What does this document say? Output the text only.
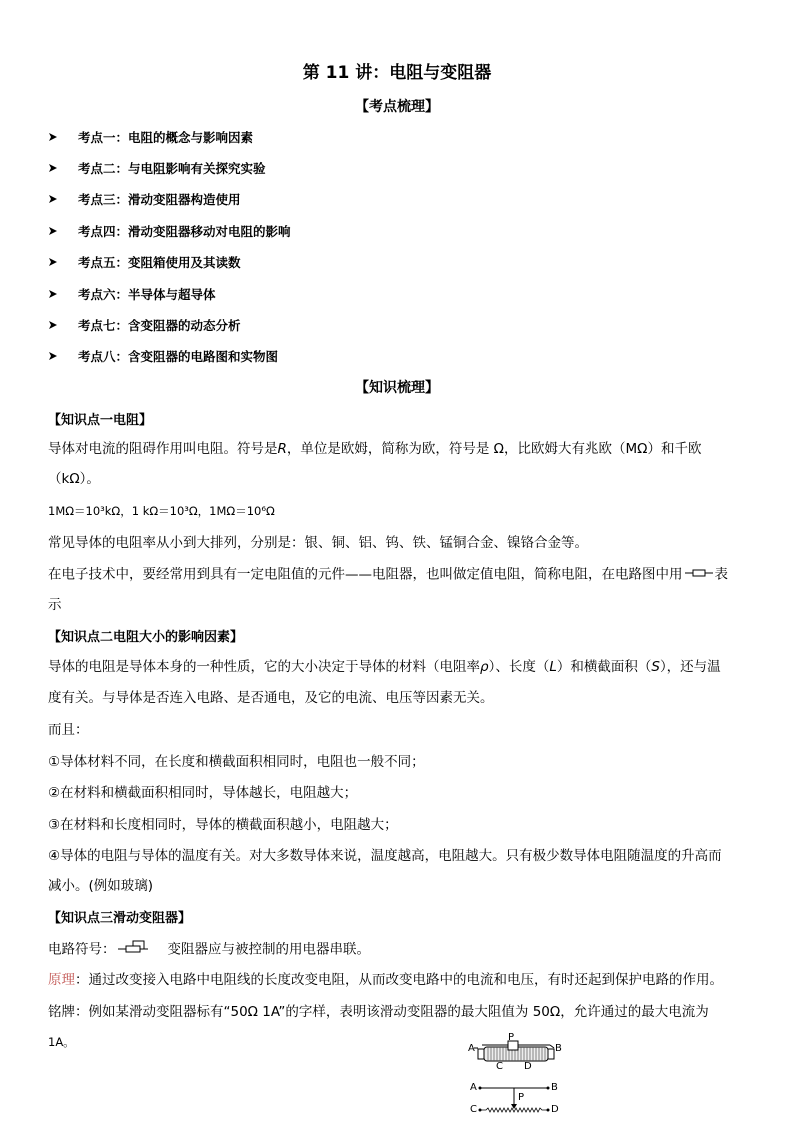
第 11 讲：电阻与变阻器
【考点梳理】
考点一：电阻的概念与影响因素
考点二：与电阻影响有关探究实验
考点三：滑动变阻器构造使用
考点四：滑动变阻器移动对电阻的影响
考点五：变阻箱使用及其读数
考点六：半导体与超导体
考点七：含变阻器的动态分析
考点八：含变阻器的电路图和实物图
【知识梳理】
【知识点一电阻】
导体对电流的阻碍作用叫电阻。符号是R，单位是欧姆，简称为欧，符号是 Ω，比欧姆大有兆欧（MΩ）和千欧
（kΩ）。
1MΩ＝10³kΩ，1 kΩ＝10³Ω，1MΩ＝10⁶Ω
常见导体的电阻率从小到大排列，分别是：银、铜、铝、钨、铁、锰铜合金、镍铬合金等。
在电子技术中，要经常用到具有一定电阻值的元件——电阻器，也叫做定值电阻，简称电阻，在电路图中用 表
示
【知识点二电阻大小的影响因素】
导体的电阻是导体本身的一种性质，它的大小决定于导体的材料（电阻率ρ）、长度（L）和横截面积（S），还与温
度有关。与导体是否连入电路、是否通电，及它的电流、电压等因素无关。
而且：
①导体材料不同，在长度和横截面积相同时，电阻也一般不同；
②在材料和横截面积相同时，导体越长，电阻越大；
③在材料和长度相同时，导体的横截面积越小，电阻越大；
④导体的电阻与导体的温度有关。对大多数导体来说，温度越高，电阻越大。只有极少数导体电阻随温度的升高而
减小。(例如玻璃)
【知识点三滑动变阻器】
电路符号：	变阻器应与被控制的用电器串联。
原理：通过改变接入电路中电阻线的长度改变电阻，从而改变电路中的电流和电压，有时还起到保护电路的作用。
铭牌：例如某滑动变阻器标有“50Ω 1A”的字样，表明该滑动变阻器的最大阻值为 50Ω，允许通过的最大电流为
1A。	A	B
P
C D
A	B
P
C	D
